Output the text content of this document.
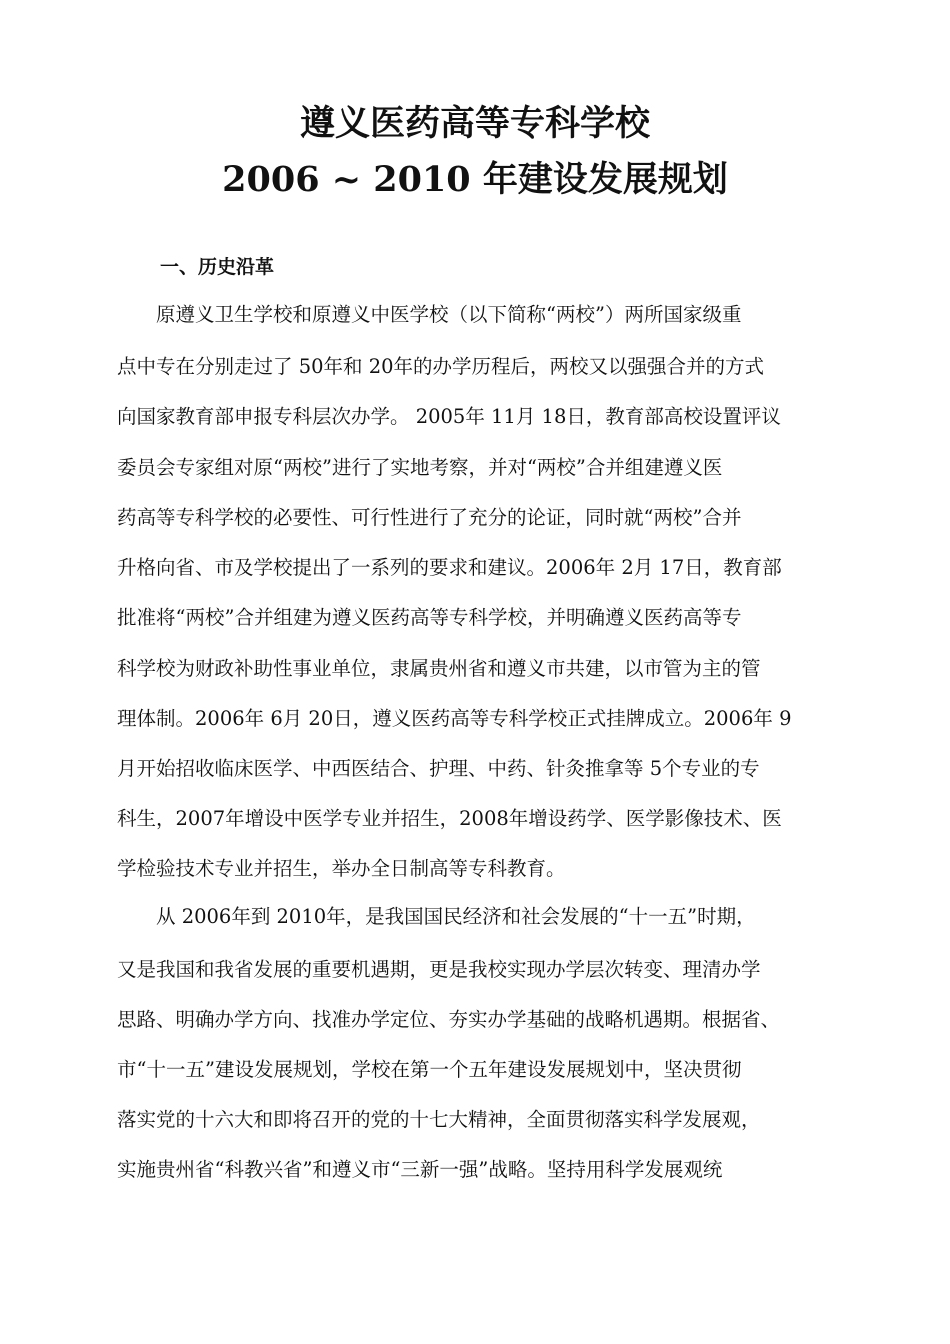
遵义医药高等专科学校
2006 ~ 2010 年建设发展规划
一、历史沿革

　　原遵义卫生学校和原遵义中医学校（以下简称“两校”）两所国家级重

点中专在分别走过了 50年和 20年的办学历程后，两校又以强强合并的方式

向国家教育部申报专科层次办学。 2005年 11月 18日，教育部高校设置评议

委员会专家组对原“两校”进行了实地考察，并对“两校”合并组建遵义医

药高等专科学校的必要性、可行性进行了充分的论证，同时就“两校”合并

升格向省、市及学校提出了一系列的要求和建议。2006年 2月 17日，教育部

批准将“两校”合并组建为遵义医药高等专科学校，并明确遵义医药高等专

科学校为财政补助性事业单位，隶属贵州省和遵义市共建，以市管为主的管

理体制。2006年 6月 20日，遵义医药高等专科学校正式挂牌成立。2006年 9

月开始招收临床医学、中西医结合、护理、中药、针灸推拿等 5个专业的专

科生，2007年增设中医学专业并招生，2008年增设药学、医学影像技术、医

学检验技术专业并招生，举办全日制高等专科教育。

　　从 2006年到 2010年，是我国国民经济和社会发展的“十一五”时期，

又是我国和我省发展的重要机遇期，更是我校实现办学层次转变、理清办学

思路、明确办学方向、找准办学定位、夯实办学基础的战略机遇期。根据省、

市“十一五”建设发展规划，学校在第一个五年建设发展规划中，坚决贯彻

落实党的十六大和即将召开的党的十七大精神，全面贯彻落实科学发展观，

实施贵州省“科教兴省”和遵义市“三新一强”战略。坚持用科学发展观统
